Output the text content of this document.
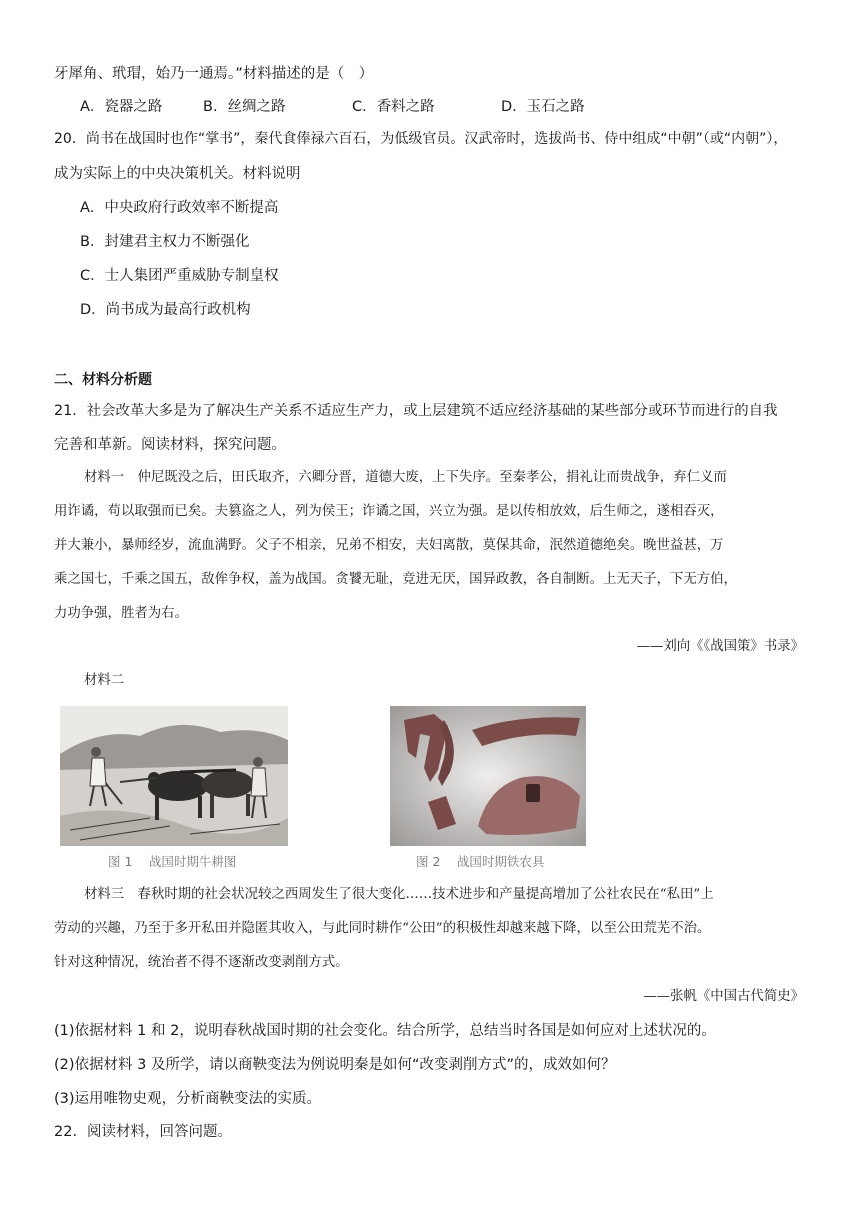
牙犀角、玳瑁，始乃一通焉。”材料描述的是（　）
A．瓷器之路	B．丝绸之路	C．香料之路	D．玉石之路
20．尚书在战国时也作“掌书”，秦代食俸禄六百石，为低级官员。汉武帝时，选拔尚书、侍中组成“中朝”（或“内朝”），
成为实际上的中央决策机关。材料说明
A．中央政府行政效率不断提高
B．封建君主权力不断强化
C．士人集团严重威胁专制皇权
D．尚书成为最高行政机构
二、材料分析题
21．社会改革大多是为了解决生产关系不适应生产力，或上层建筑不适应经济基础的某些部分或环节而进行的自我
完善和革新。阅读材料，探究问题。
材料一　仲尼既没之后，田氏取齐，六卿分晋，道德大废，上下失序。至秦孝公，捐礼让而贵战争，弃仁义而
用诈谲，苟以取强而已矣。夫篡盗之人，列为侯王；诈谲之国，兴立为强。是以传相放效，后生师之，遂相吞灭，
并大兼小，暴师经岁，流血满野。父子不相亲，兄弟不相安，夫妇离散，莫保其命，泯然道德绝矣。晚世益甚，万
乘之国七，千乘之国五，敌侔争权，盖为战国。贪饕无耻，竞进无厌，国异政教，各自制断。上无天子，下无方伯，
力功争强，胜者为右。
——刘向《《战国策》书录》
材料二
图 1　 战国时期牛耕图	图 2　 战国时期铁农具
材料三　春秋时期的社会状况较之西周发生了很大变化……技术进步和产量提高增加了公社农民在“私田”上
劳动的兴趣，乃至于多开私田并隐匿其收入，与此同时耕作“公田”的积极性却越来越下降，以至公田荒芜不治。
针对这种情况，统治者不得不逐渐改变剥削方式。
——张帆《中国古代简史》
(1)依据材料 1 和 2，说明春秋战国时期的社会变化。结合所学，总结当时各国是如何应对上述状况的。
(2)依据材料 3 及所学，请以商鞅变法为例说明秦是如何“改变剥削方式”的，成效如何？
(3)运用唯物史观，分析商鞅变法的实质。
22．阅读材料，回答问题。
